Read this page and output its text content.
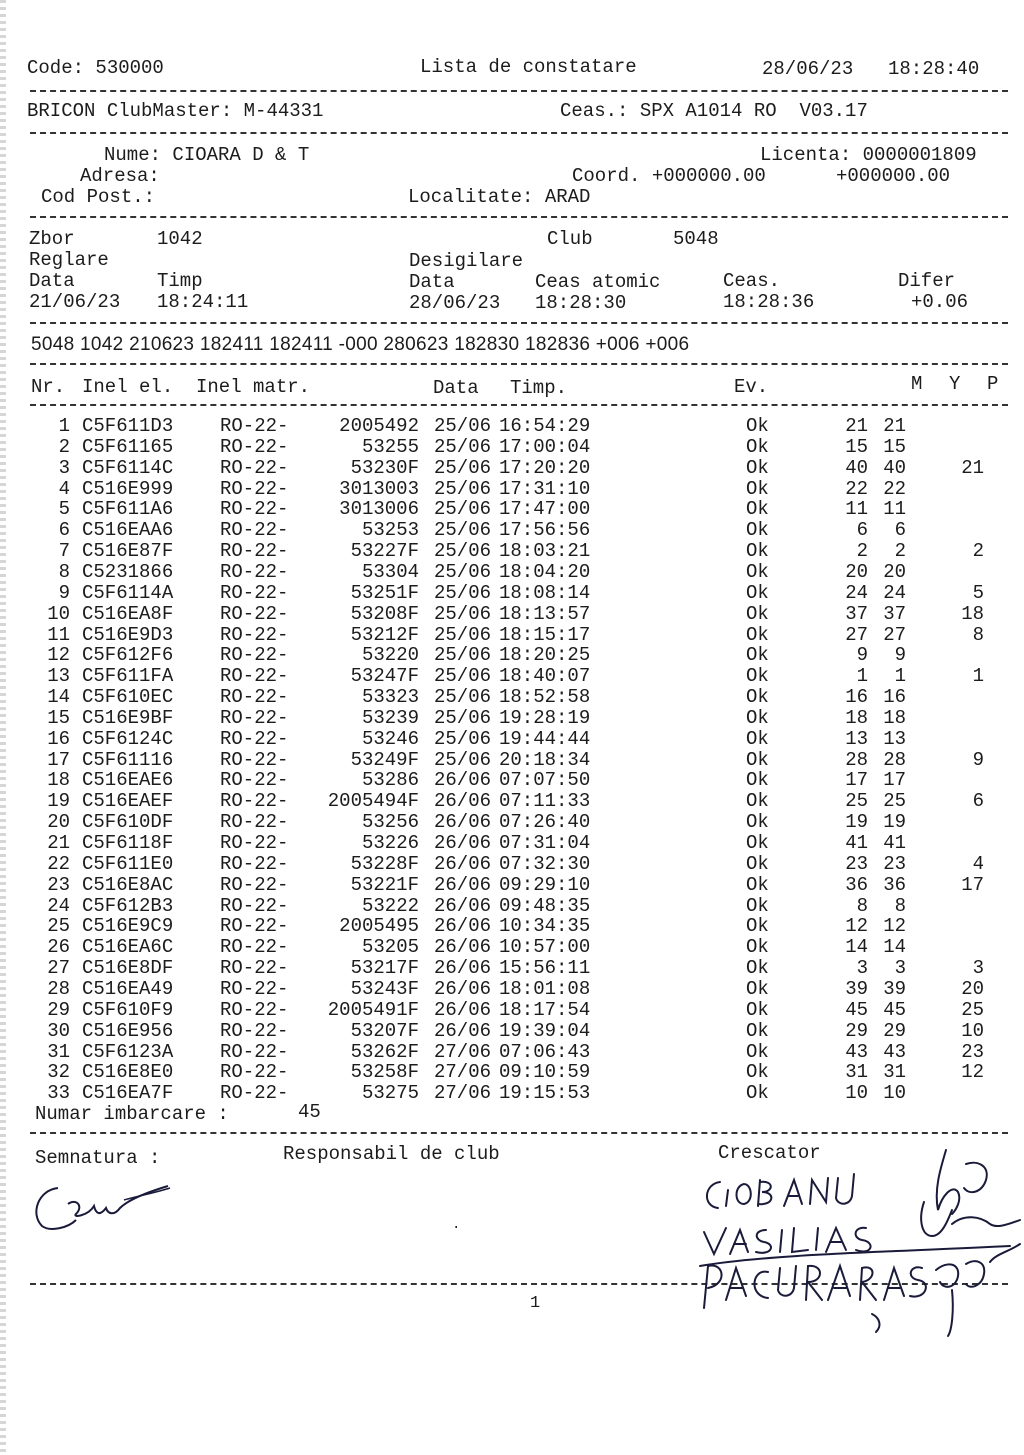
Code: 530000	Lista de constatare	28/06/23 18:28:40
BRICON ClubMaster: M-44331	Ceas.: SPX A1014 RO  V03.17
Nume: CIOARA D & T	Licenta: 0000001809
Adresa:	Coord. +000000.00	+000000.00
Cod Post.:	Localitate: ARAD
Zbor	1042	Club	5048
Reglare	Desigilare
Data	Timp	Data	Ceas atomic	Ceas.	Difer
21/06/23 18:24:11	28/06/23 18:28:30	18:28:36	+0.06
5048 1042 210623 182411 182411 -000 280623 182830 182836 +006 +006
Nr. Inel el. Inel matr.	Data Timp.	Ev.	M Y P
1 C5F611D3 RO-22-	2005492 25/06 16:54:29	Ok	21 21
2 C5F61165 RO-22-	53255 25/06 17:00:04	Ok	15 15
3 C5F6114C RO-22-	53230F 25/06 17:20:20	Ok	40 40	21
4 C516E999 RO-22-	3013003 25/06 17:31:10	Ok	22 22
5 C5F611A6 RO-22-	3013006 25/06 17:47:00	Ok	11 11
6 C516EAA6 RO-22-	53253 25/06 17:56:56	Ok	6 6
7 C516E87F RO-22-	53227F 25/06 18:03:21	Ok	2 2	2
8 C5231866 RO-22-	53304 25/06 18:04:20	Ok	20 20
9 C5F6114A RO-22-	53251F 25/06 18:08:14	Ok	24 24	5
10 C516EA8F RO-22-	53208F 25/06 18:13:57	Ok	37 37	18
11 C516E9D3 RO-22-	53212F 25/06 18:15:17	Ok	27 27	8
12 C5F612F6 RO-22-	53220 25/06 18:20:25	Ok	9 9
13 C5F611FA RO-22-	53247F 25/06 18:40:07	Ok	1 1	1
14 C5F610EC RO-22-	53323 25/06 18:52:58	Ok	16 16
15 C516E9BF RO-22-	53239 25/06 19:28:19	Ok	18 18
16 C5F6124C RO-22-	53246 25/06 19:44:44	Ok	13 13
17 C5F61116 RO-22-	53249F 25/06 20:18:34	Ok	28 28	9
18 C516EAE6 RO-22-	53286 26/06 07:07:50	Ok	17 17
19 C516EAEF RO-22- 2005494F 26/06 07:11:33	Ok	25 25	6
20 C5F610DF RO-22-	53256 26/06 07:26:40	Ok	19 19
21 C5F6118F RO-22-	53226 26/06 07:31:04	Ok	41 41
22 C5F611E0 RO-22-	53228F 26/06 07:32:30	Ok	23 23	4
23 C516E8AC RO-22-	53221F 26/06 09:29:10	Ok	36 36	17
24 C5F612B3 RO-22-	53222 26/06 09:48:35	Ok	8 8
25 C516E9C9 RO-22-	2005495 26/06 10:34:35	Ok	12 12
26 C516EA6C RO-22-	53205 26/06 10:57:00	Ok	14 14
27 C516E8DF RO-22-	53217F 26/06 15:56:11	Ok	3 3	3
28 C516EA49 RO-22-	53243F 26/06 18:01:08	Ok	39 39	20
29 C5F610F9 RO-22- 2005491F 26/06 18:17:54	Ok	45 45	25
30 C516E956 RO-22-	53207F 26/06 19:39:04	Ok	29 29	10
31 C5F6123A RO-22-	53262F 27/06 07:06:43	Ok	43 43	23
32 C516E8E0 RO-22-	53258F 27/06 09:10:59	Ok	31 31	12
33 C516EA7F RO-22-	53275 27/06 19:15:53	Ok	10 10
Numar imbarcare :	45
Semnatura :	Responsabil de club	Crescator
·
1
